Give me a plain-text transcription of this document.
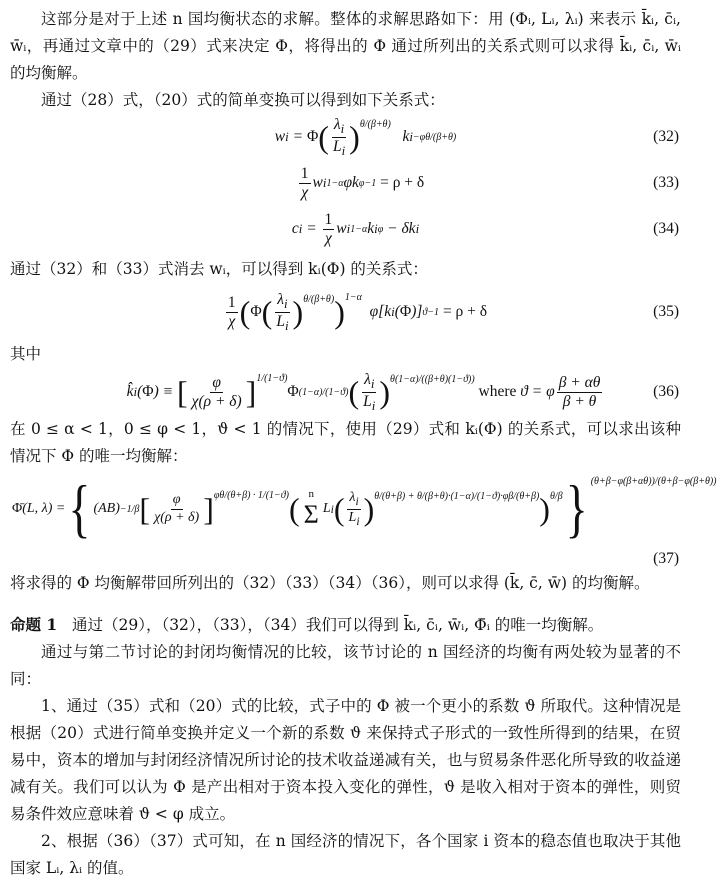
这部分是对于上述 n 国均衡状态的求解。整体的求解思路如下：用 (Φᵢ, Lᵢ, λᵢ) 来表示 k̄ᵢ, c̄ᵢ, w̄ᵢ，再通过文章中的（29）式来决定 Φ，将得出的 Φ 通过所列出的关系式则可以求得 k̄ᵢ, c̄ᵢ, w̄ᵢ 的均衡解。

通过（28）式，（20）式的简单变换可以得到如下关系式：

w i = Φ ( $\frac{\lambda_i}{L_i}$ ) θ/(β+θ)
$k_i -\varphi\theta/(\beta+\theta)$	(32)
$\frac{1}{\chi}$ w i 1−α φk φ−1
= ρ + δ	(33)
c $i = \frac{1}{\chi}$ w i 1−α k i φ − δk i	(34)

通过（32）和（33）式消去 wᵢ，可以得到 kᵢ(Φ) 的关系式：

$\frac{1}{\chi}$ ( Φ ( $\frac{\lambda_i}{L_i}$ ) θ/(β+θ) ) 1−α
φ[k i ( Φ )] ϑ−1
= ρ + δ	(35)

其中

k̂ i ( Φ ) ≡ [ $\frac{\varphi}{\chi(\rho + \delta)}$ ] 1/(1−ϑ)
Φ (1−α)/(1−ϑ) ( $\frac{\lambda_i}{L_i}$ ) θ(1−α)/((β+θ)(1−ϑ))

where ϑ = φ $\frac{\beta + \alpha\theta}{\beta + \theta}$	(36)

在 0 ≤ α < 1，0 ≤ φ < 1，ϑ < 1 的情况下，使用（29）式和 kᵢ(Φ) 的关系式，可以求出该种情况下 Φ 的唯一均衡解：

Φ̄ (L, λ) = { (AB) −1/β [ $\frac{\varphi}{\chi(\rho + \delta)}$ ] φθ/(θ+β) · 1/(1−ϑ) ( n
Σ L i ( $\frac{\lambda_i}{L_i}$ ) θ/(θ+β) + θ/(β+θ)·(1−α)/(1−ϑ)·φβ/(θ+β) ) θ/β } (θ+β−φ(β+αθ))/(θ+β−φ(β+θ))
(37)

将求得的 Φ 均衡解带回所列出的（32）（33）（34）（36），则可以求得 (k̄, c̄, w̄) 的均衡解。

命题 1 通过（29），（32），（33），（34）我们可以得到 k̄ᵢ, c̄ᵢ, w̄ᵢ, Φ̄ᵢ 的唯一均衡解。

通过与第二节讨论的封闭均衡情况的比较，该节讨论的 n 国经济的均衡有两处较为显著的不同：

1、通过（35）式和（20）式的比较，式子中的 Φ 被一个更小的系数 ϑ 所取代。这种情况是根据（20）式进行简单变换并定义一个新的系数 ϑ 来保持式子形式的一致性所得到的结果，在贸易中，资本的增加与封闭经济情况所讨论的技术收益递减有关，也与贸易条件恶化所导致的收益递减有关。我们可以认为 Φ 是产出相对于资本投入变化的弹性，ϑ 是收入相对于资本的弹性，则贸易条件效应意味着 ϑ < φ 成立。

2、根据（36）（37）式可知，在 n 国经济的情况下，各个国家 i 资本的稳态值也取决于其他国家 Lᵢ, λᵢ 的值。
